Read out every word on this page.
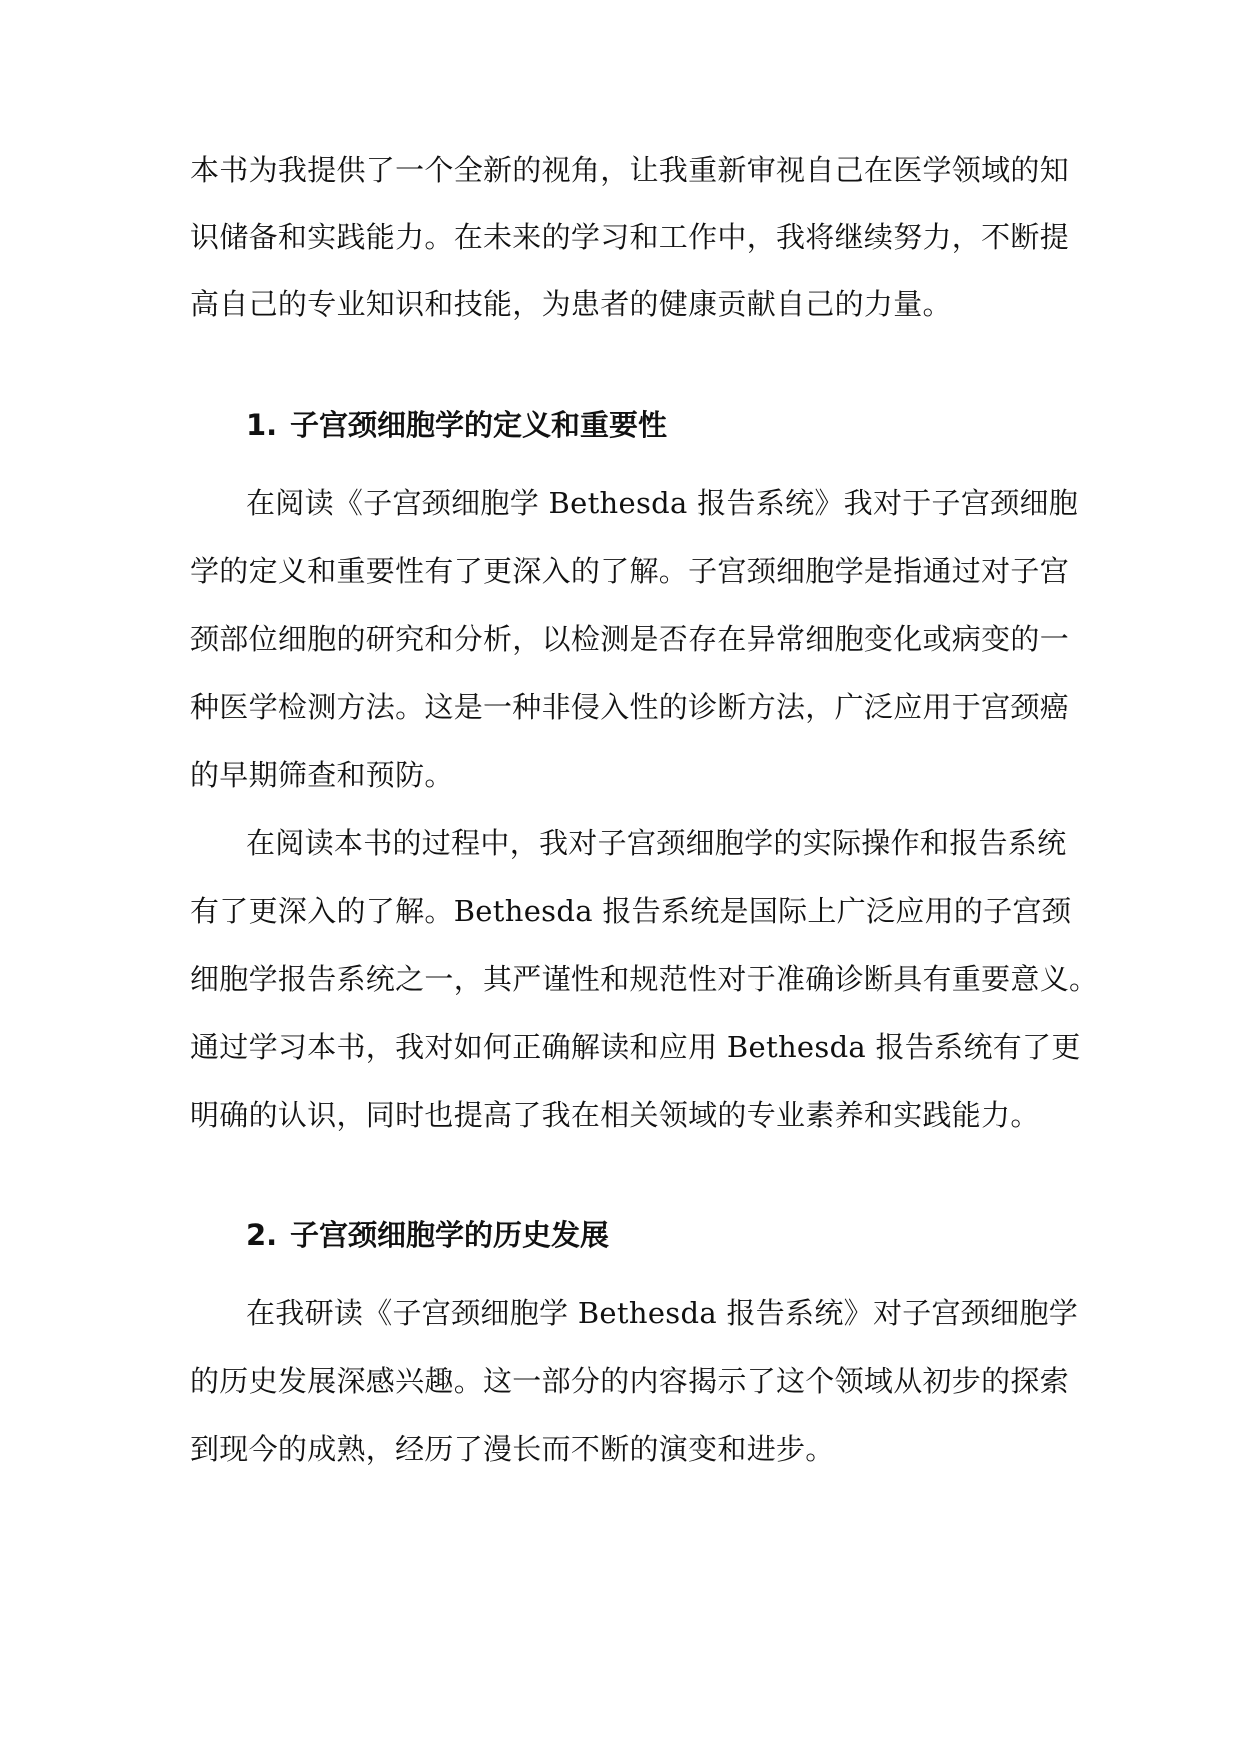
本书为我提供了一个全新的视角，让我重新审视自己在医学领域的知
识储备和实践能力。在未来的学习和工作中，我将继续努力，不断提
高自己的专业知识和技能，为患者的健康贡献自己的力量。
1. 子宫颈细胞学的定义和重要性
在阅读《子宫颈细胞学 Bethesda 报告系统》我对于子宫颈细胞
学的定义和重要性有了更深入的了解。子宫颈细胞学是指通过对子宫
颈部位细胞的研究和分析，以检测是否存在异常细胞变化或病变的一
种医学检测方法。这是一种非侵入性的诊断方法，广泛应用于宫颈癌
的早期筛查和预防。
在阅读本书的过程中，我对子宫颈细胞学的实际操作和报告系统
有了更深入的了解。Bethesda 报告系统是国际上广泛应用的子宫颈
细胞学报告系统之一，其严谨性和规范性对于准确诊断具有重要意义。
通过学习本书，我对如何正确解读和应用 Bethesda 报告系统有了更
明确的认识，同时也提高了我在相关领域的专业素养和实践能力。
2. 子宫颈细胞学的历史发展
在我研读《子宫颈细胞学 Bethesda 报告系统》对子宫颈细胞学
的历史发展深感兴趣。这一部分的内容揭示了这个领域从初步的探索
到现今的成熟，经历了漫长而不断的演变和进步。
